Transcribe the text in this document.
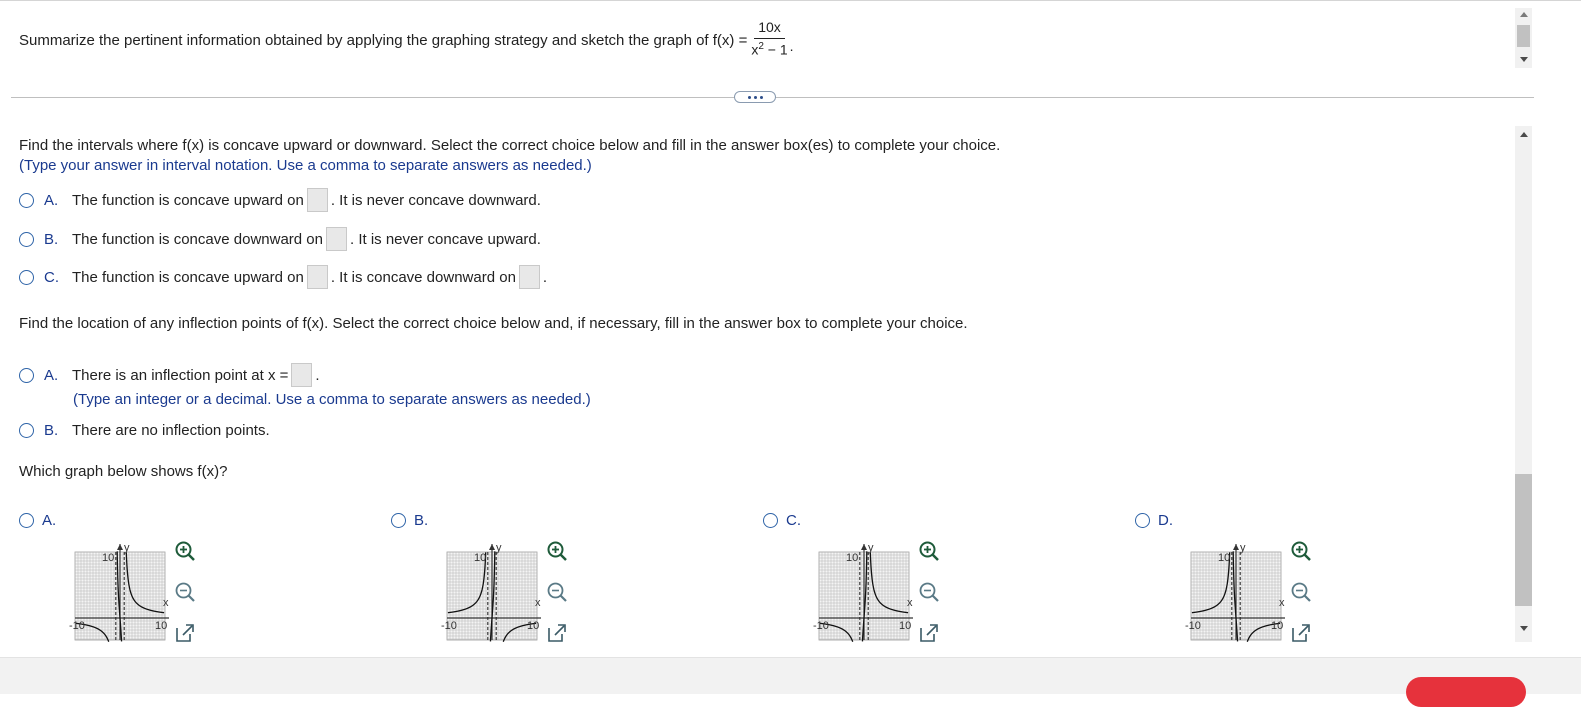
Summarize the pertinent information obtained by applying the graphing strategy and sketch the graph of $f(x) = \frac{10x}{x^2 - 1}$ .
Find the intervals where f(x) is concave upward or downward. Select the correct choice below and fill in the answer box(es) to complete your choice.
(Type your answer in interval notation. Use a comma to separate answers as needed.)
A. The function is concave upward on . It is never concave downward.
B. The function is concave downward on . It is never concave upward.
C. The function is concave upward on . It is concave downward on .
Find the location of any inflection points of f(x). Select the correct choice below and, if necessary, fill in the answer box to complete your choice.
A. There is an inflection point at x = .
(Type an integer or a decimal. Use a comma to separate answers as needed.)
B. There are no inflection points.
Which graph below shows f(x)?
A.
y
x
10
-10	10
B.
y
x
10
-10	10
C.
y
x
10
-10	10
D.
y
x
10
-10	10
